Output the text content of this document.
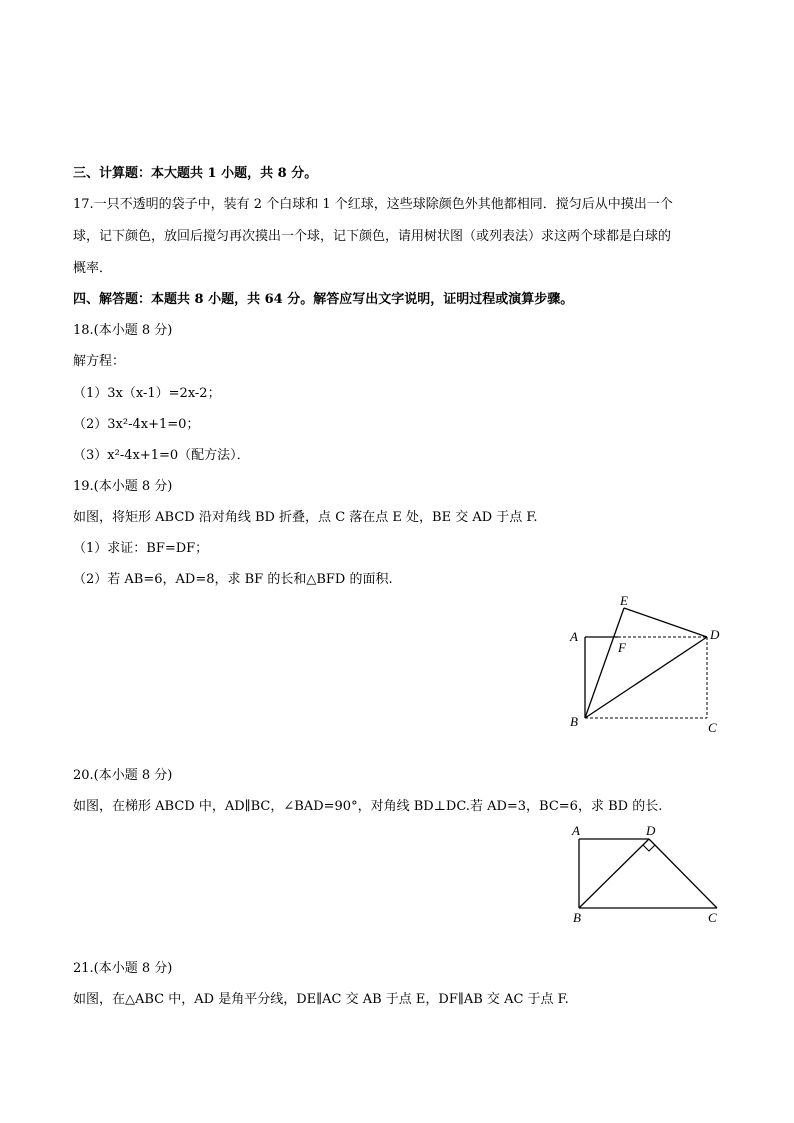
三、计算题：本大题共 1 小题，共 8 分。
17.一只不透明的袋子中，装有 2 个白球和 1 个红球，这些球除颜色外其他都相同．搅匀后从中摸出一个
球，记下颜色，放回后搅匀再次摸出一个球，记下颜色，请用树状图（或列表法）求这两个球都是白球的
概率．
四、解答题：本题共 8 小题，共 64 分。解答应写出文字说明，证明过程或演算步骤。
18.(本小题 8 分)
解方程：
（1）3x（x-1）=2x-2；
（2）3x²-4x+1=0；
（3）x²-4x+1=0（配方法）．
19.(本小题 8 分)
如图，将矩形 ABCD 沿对角线 BD 折叠，点 C 落在点 E 处，BE 交 AD 于点 F.
（1）求证：BF=DF；
（2）若 AB=6，AD=8，求 BF 的长和△BFD 的面积.
A	D
B	C
E
F
20.(本小题 8 分)
如图，在梯形 ABCD 中，AD∥BC，∠BAD=90°，对角线 BD⊥DC.若 AD=3，BC=6，求 BD 的长.
A	D
B	C
21.(本小题 8 分)
如图，在△ABC 中，AD 是角平分线，DE∥AC 交 AB 于点 E，DF∥AB 交 AC 于点 F.
